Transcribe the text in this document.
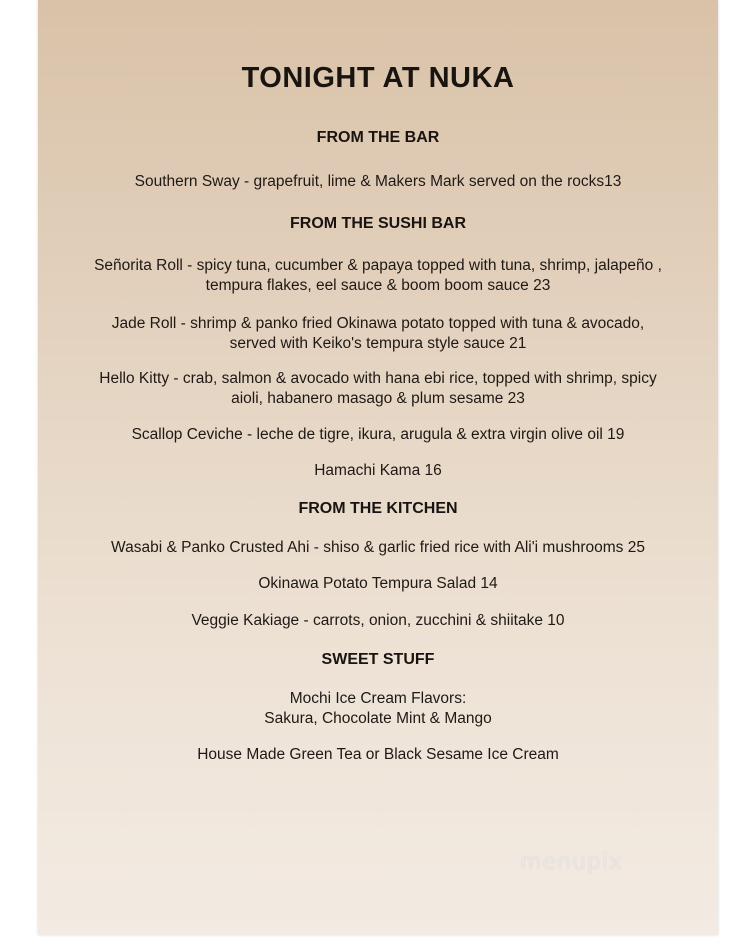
TONIGHT AT NUKA
FROM THE BAR
Southern Sway - grapefruit, lime & Makers Mark served on the rocks13
FROM THE SUSHI BAR
Señorita Roll - spicy tuna, cucumber & papaya topped with tuna, shrimp, jalapeño ,
tempura flakes, eel sauce & boom boom sauce 23
Jade Roll - shrimp & panko fried Okinawa potato topped with tuna & avocado,
served with Keiko's tempura style sauce 21
Hello Kitty - crab, salmon & avocado with hana ebi rice, topped with shrimp, spicy
aioli, habanero masago & plum sesame 23
Scallop Ceviche - leche de tigre, ikura, arugula & extra virgin olive oil 19
Hamachi Kama 16
FROM THE KITCHEN
Wasabi & Panko Crusted Ahi - shiso & garlic fried rice with Ali'i mushrooms 25
Okinawa Potato Tempura Salad 14
Veggie Kakiage - carrots, onion, zucchini & shiitake 10
SWEET STUFF
Mochi Ice Cream Flavors:
Sakura, Chocolate Mint & Mango
House Made Green Tea or Black Sesame Ice Cream
menupix
